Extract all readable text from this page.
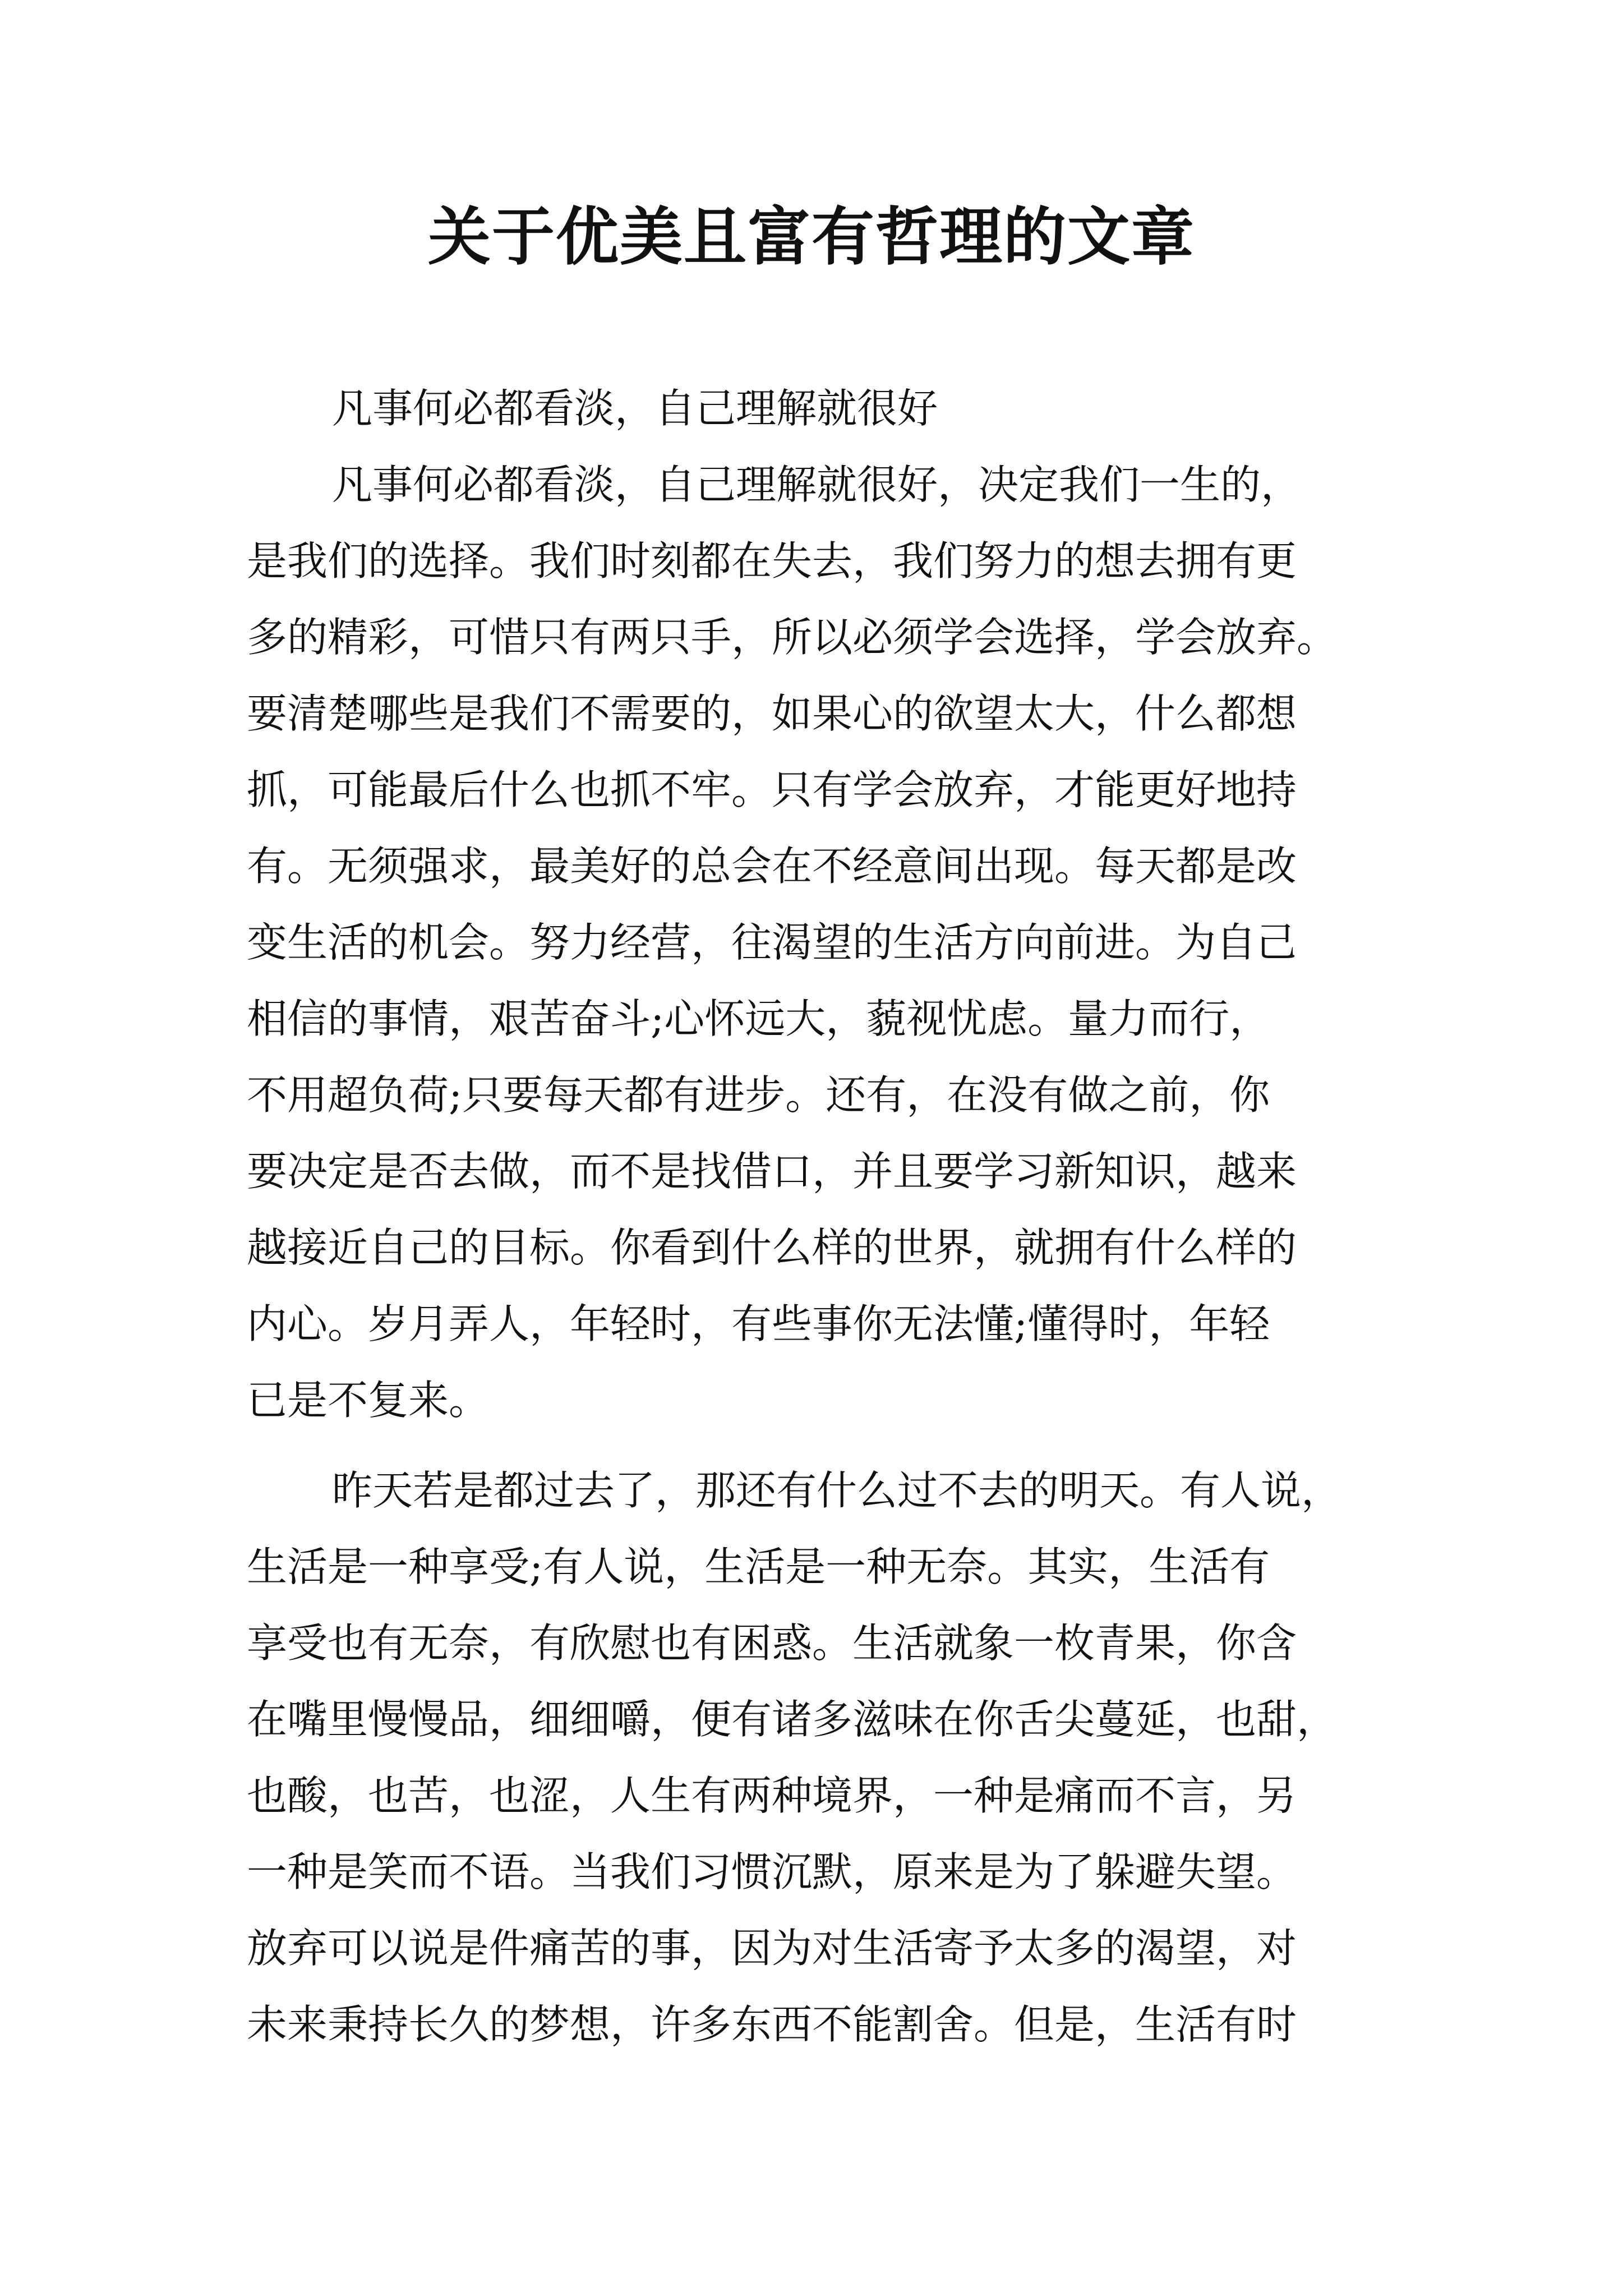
关于优美且富有哲理的文章
凡事何必都看淡，自己理解就很好
凡事何必都看淡，自己理解就很好，决定我们一生的，
是我们的选择。我们时刻都在失去，我们努力的想去拥有更
多的精彩，可惜只有两只手，所以必须学会选择，学会放弃。
要清楚哪些是我们不需要的，如果心的欲望太大，什么都想
抓，可能最后什么也抓不牢。只有学会放弃，才能更好地持
有。无须强求，最美好的总会在不经意间出现。每天都是改
变生活的机会。努力经营，往渴望的生活方向前进。为自己
相信的事情，艰苦奋斗;心怀远大，藐视忧虑。量力而行，
不用超负荷;只要每天都有进步。还有，在没有做之前，你
要决定是否去做，而不是找借口，并且要学习新知识，越来
越接近自己的目标。你看到什么样的世界，就拥有什么样的
内心。岁月弄人，年轻时，有些事你无法懂;懂得时，年轻
已是不复来。
昨天若是都过去了，那还有什么过不去的明天。有人说，
生活是一种享受;有人说，生活是一种无奈。其实，生活有
享受也有无奈，有欣慰也有困惑。生活就象一枚青果，你含
在嘴里慢慢品，细细嚼，便有诸多滋味在你舌尖蔓延，也甜，
也酸，也苦，也涩，人生有两种境界，一种是痛而不言，另
一种是笑而不语。当我们习惯沉默，原来是为了躲避失望。
放弃可以说是件痛苦的事，因为对生活寄予太多的渴望，对
未来秉持长久的梦想，许多东西不能割舍。但是，生活有时
